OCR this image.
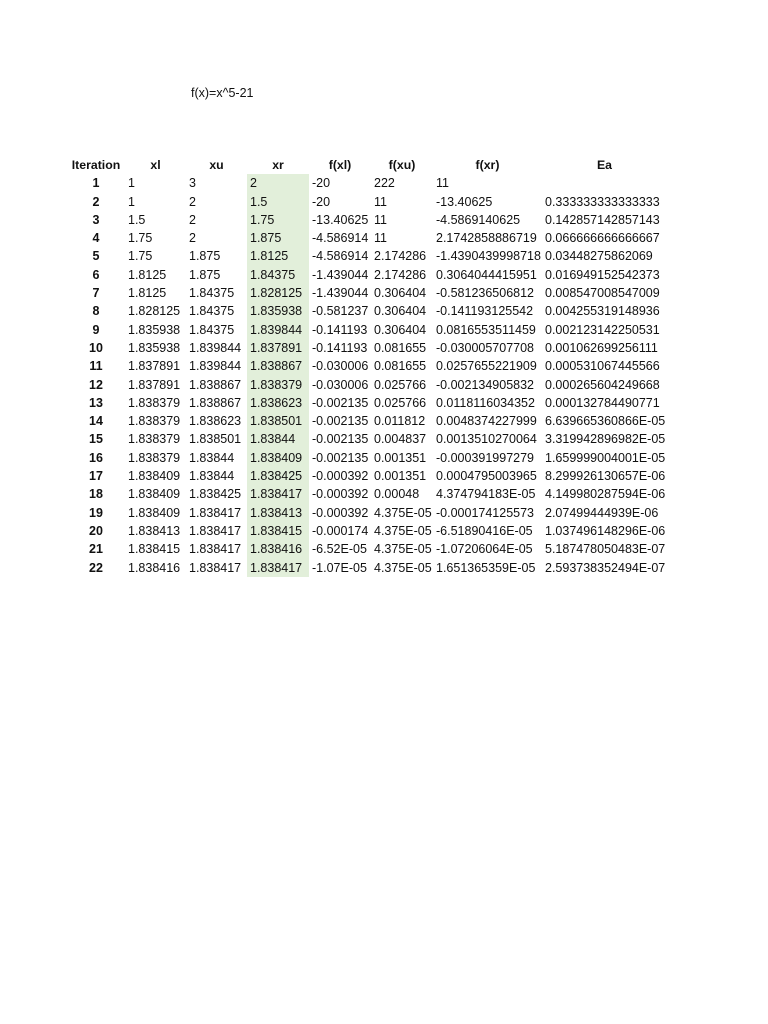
f(x)=x^5-21
Iteration	xl	xu	xr	f(xl)	f(xu)	f(xr)	Ea
1	1	3	2	-20	222	11	
2	1	2	1.5	-20	11	-13.40625	0.333333333333333
3	1.5	2	1.75	-13.40625	11	-4.5869140625	0.142857142857143
4	1.75	2	1.875	-4.586914	11	2.1742858886719	0.066666666666667
5	1.75	1.875	1.8125	-4.586914	2.174286	-1.4390439998718	0.03448275862069
6	1.8125	1.875	1.84375	-1.439044	2.174286	0.3064044415951	0.016949152542373
7	1.8125	1.84375	1.828125	-1.439044	0.306404	-0.581236506812	0.008547008547009
8	1.828125	1.84375	1.835938	-0.581237	0.306404	-0.141193125542	0.004255319148936
9	1.835938	1.84375	1.839844	-0.141193	0.306404	0.0816553511459	0.002123142250531
10	1.835938	1.839844	1.837891	-0.141193	0.081655	-0.030005707708	0.001062699256111
11	1.837891	1.839844	1.838867	-0.030006	0.081655	0.0257655221909	0.000531067445566
12	1.837891	1.838867	1.838379	-0.030006	0.025766	-0.002134905832	0.000265604249668
13	1.838379	1.838867	1.838623	-0.002135	0.025766	0.0118116034352	0.000132784490771
14	1.838379	1.838623	1.838501	-0.002135	0.011812	0.0048374227999	6.639665360866E-05
15	1.838379	1.838501	1.83844	-0.002135	0.004837	0.0013510270064	3.319942896982E-05
16	1.838379	1.83844	1.838409	-0.002135	0.001351	-0.000391997279	1.659999004001E-05
17	1.838409	1.83844	1.838425	-0.000392	0.001351	0.0004795003965	8.299926130657E-06
18	1.838409	1.838425	1.838417	-0.000392	0.00048	4.374794183E-05	4.149980287594E-06
19	1.838409	1.838417	1.838413	-0.000392	4.375E-05	-0.000174125573	2.07499444939E-06
20	1.838413	1.838417	1.838415	-0.000174	4.375E-05	-6.51890416E-05	1.037496148296E-06
21	1.838415	1.838417	1.838416	-6.52E-05	4.375E-05	-1.07206064E-05	5.187478050483E-07
22	1.838416	1.838417	1.838417	-1.07E-05	4.375E-05	1.651365359E-05	2.593738352494E-07
